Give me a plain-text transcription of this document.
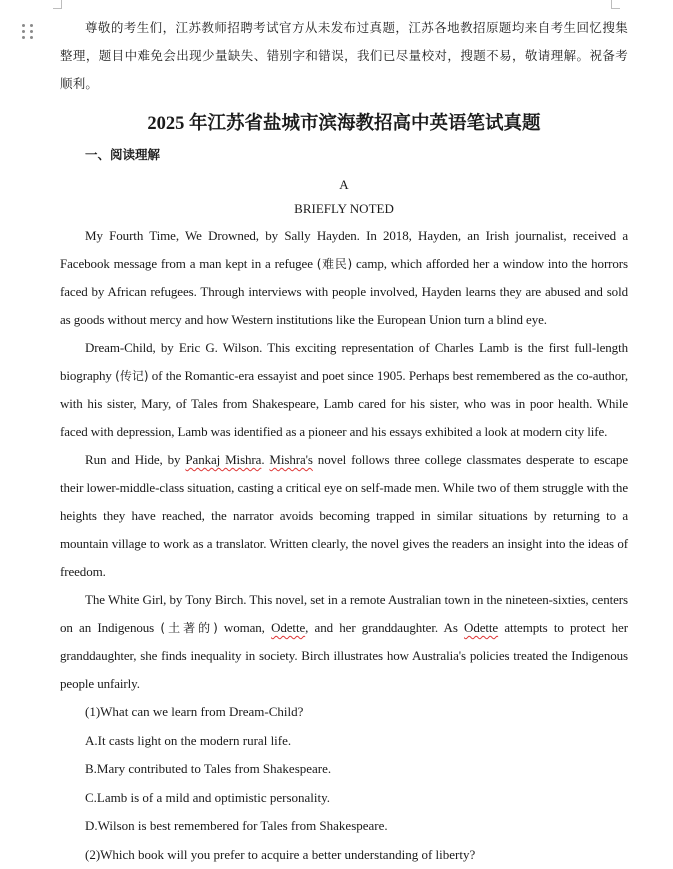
尊敬的考生们，江苏教师招聘考试官方从未发布过真题，江苏各地教招原题均来自考生回忆搜集整理，题目中难免会出现少量缺失、错别字和错误，我们已尽量校对，搜题不易，敬请理解。祝备考顺利。

2025 年江苏省盐城市滨海教招高中英语笔试真题
一、阅读理解
A
BRIEFLY NOTED

My Fourth Time, We Drowned, by Sally Hayden. In 2018, Hayden, an Irish journalist, received a Facebook message from a man kept in a refugee (难民) camp, which afforded her a window into the horrors faced by African refugees. Through interviews with people involved, Hayden learns they are abused and sold as goods without mercy and how Western institutions like the European Union turn a blind eye.

Dream-Child, by Eric G. Wilson. This exciting representation of Charles Lamb is the first full-length biography (传记) of the Romantic-era essayist and poet since 1905. Perhaps best remembered as the co-author, with his sister, Mary, of Tales from Shakespeare, Lamb cared for his sister, who was in poor health. While faced with depression, Lamb was identified as a pioneer and his essays exhibited a look at modern city life.

Run and Hide, by Pankaj Mishra. Mishra's novel follows three college classmates desperate to escape their lower-middle-class situation, casting a critical eye on self-made men. While two of them struggle with the heights they have reached, the narrator avoids becoming trapped in similar situations by returning to a mountain village to work as a translator. Written clearly, the novel gives the readers an insight into the ideas of freedom.

The White Girl, by Tony Birch. This novel, set in a remote Australian town in the nineteen-sixties, centers on an Indigenous (土著的) woman, Odette, and her granddaughter. As Odette attempts to protect her granddaughter, she finds inequality in society. Birch illustrates how Australia's policies treated the Indigenous people unfairly.

(1)What can we learn from Dream-Child?

A.It casts light on the modern rural life.

B.Mary contributed to Tales from Shakespeare.

C.Lamb is of a mild and optimistic personality.

D.Wilson is best remembered for Tales from Shakespeare.

(2)Which book will you prefer to acquire a better understanding of liberty?
